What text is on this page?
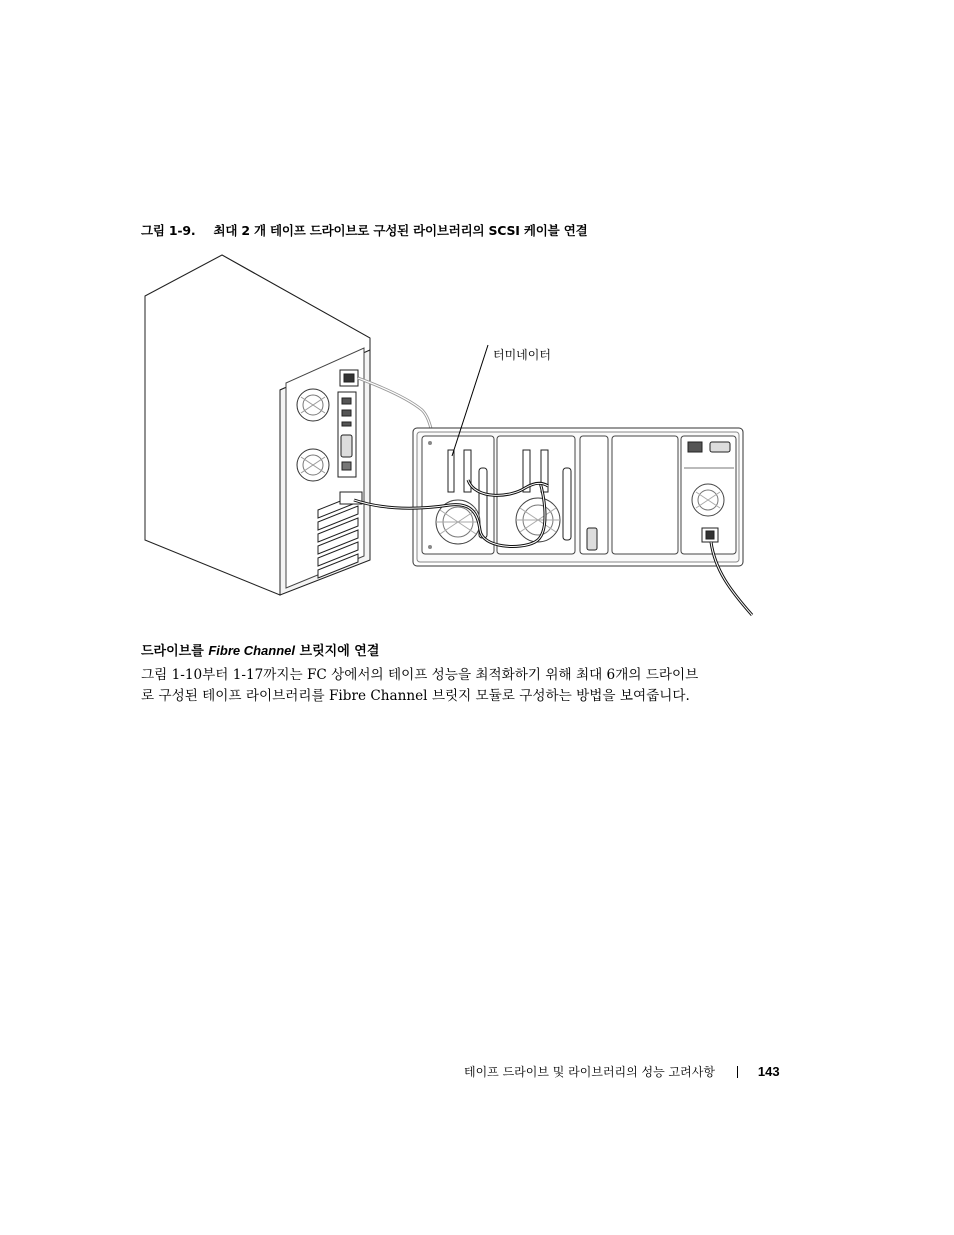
그림 1-9. 최대 2 개 테이프 드라이브로 구성된 라이브러리의 SCSI 케이블 연결
터미네이터
드라이브를 Fibre Channel 브릿지에 연결

그림 1-10부터 1-17까지는 FC 상에서의 테이프 성능을 최적화하기 위해 최대 6개의 드라이브

로 구성된 테이프 라이브러리를 Fibre Channel 브릿지 모듈로 구성하는 방법을 보여줍니다.

테이프 드라이브 및 라이브러리의 성능 고려사항	143
